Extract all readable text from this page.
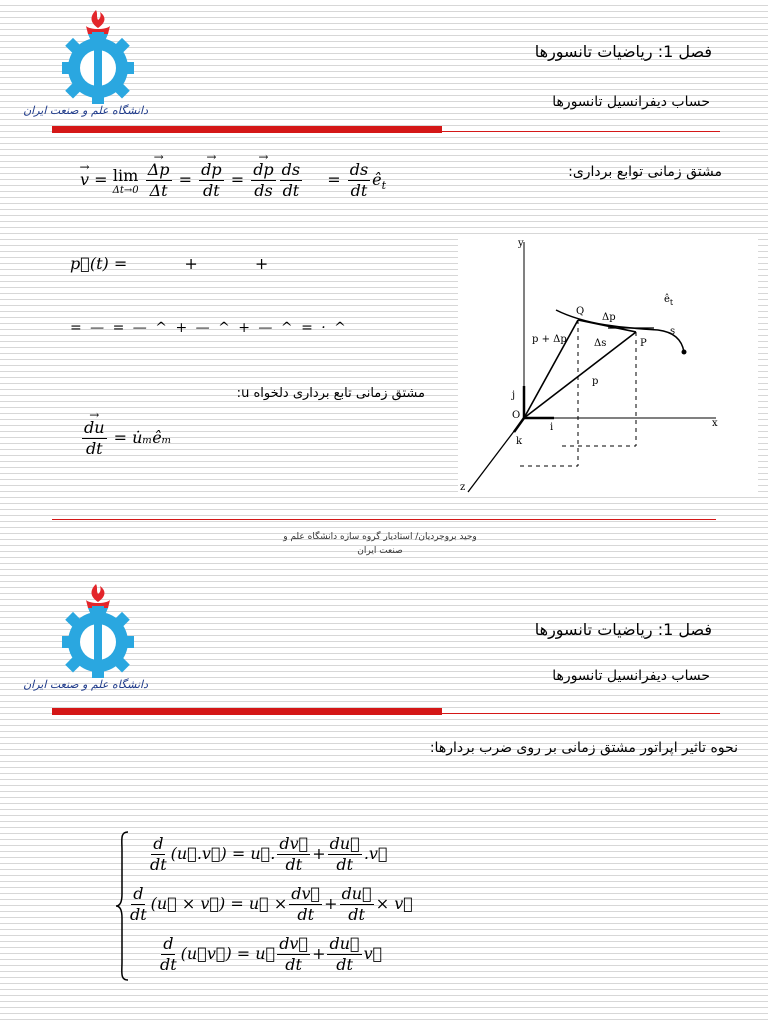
دانشگاه علم و صنعت ایران
فصل 1: ریاضیات تانسورها
حساب دیفرانسیل تانسورها
مشتق زمانی توابع برداری:
→ v = lim
Δt→0
→ $\frac{\Delta p}{\Delta t}$ = → $\frac{dp}{dt}$ = → $\frac{dp}{ds} \frac{ds}{dt} = \frac{ds}{dt}$ $ê_t$
p⃗(t) =	+	+
= — = — ^ + — ^ + — ^ = · ^
مشتق زمانی تابع برداری دلخواه u:
→ $\frac{du}{dt}$ = u̇ₘêₘ
y
x
z
O
i
j
k
P
Q
p
p + Δp
Δp
Δs
$ê_t$
s
وحید بروجردیان/ استادیار گروه سازه دانشگاه علم و
صنعت ایران
دانشگاه علم و صنعت ایران
فصل 1: ریاضیات تانسورها
حساب دیفرانسیل تانسورها
نحوه تاثیر اپراتور مشتق زمانی بر روی ضرب بردارها:
$\frac{d}{dt}$ (u⃗.v⃗) = u⃗. $\frac{dv⃗}{dt} + \frac{du⃗}{dt}$ .v⃗
$\frac{d}{dt}$ (u⃗ × v⃗) = u⃗ × $\frac{dv⃗}{dt} + \frac{du⃗}{dt}$ × v⃗
$\frac{d}{dt}$ (u⃗v⃗) = u⃗ $\frac{dv⃗}{dt} + \frac{du⃗}{dt}$ v⃗
